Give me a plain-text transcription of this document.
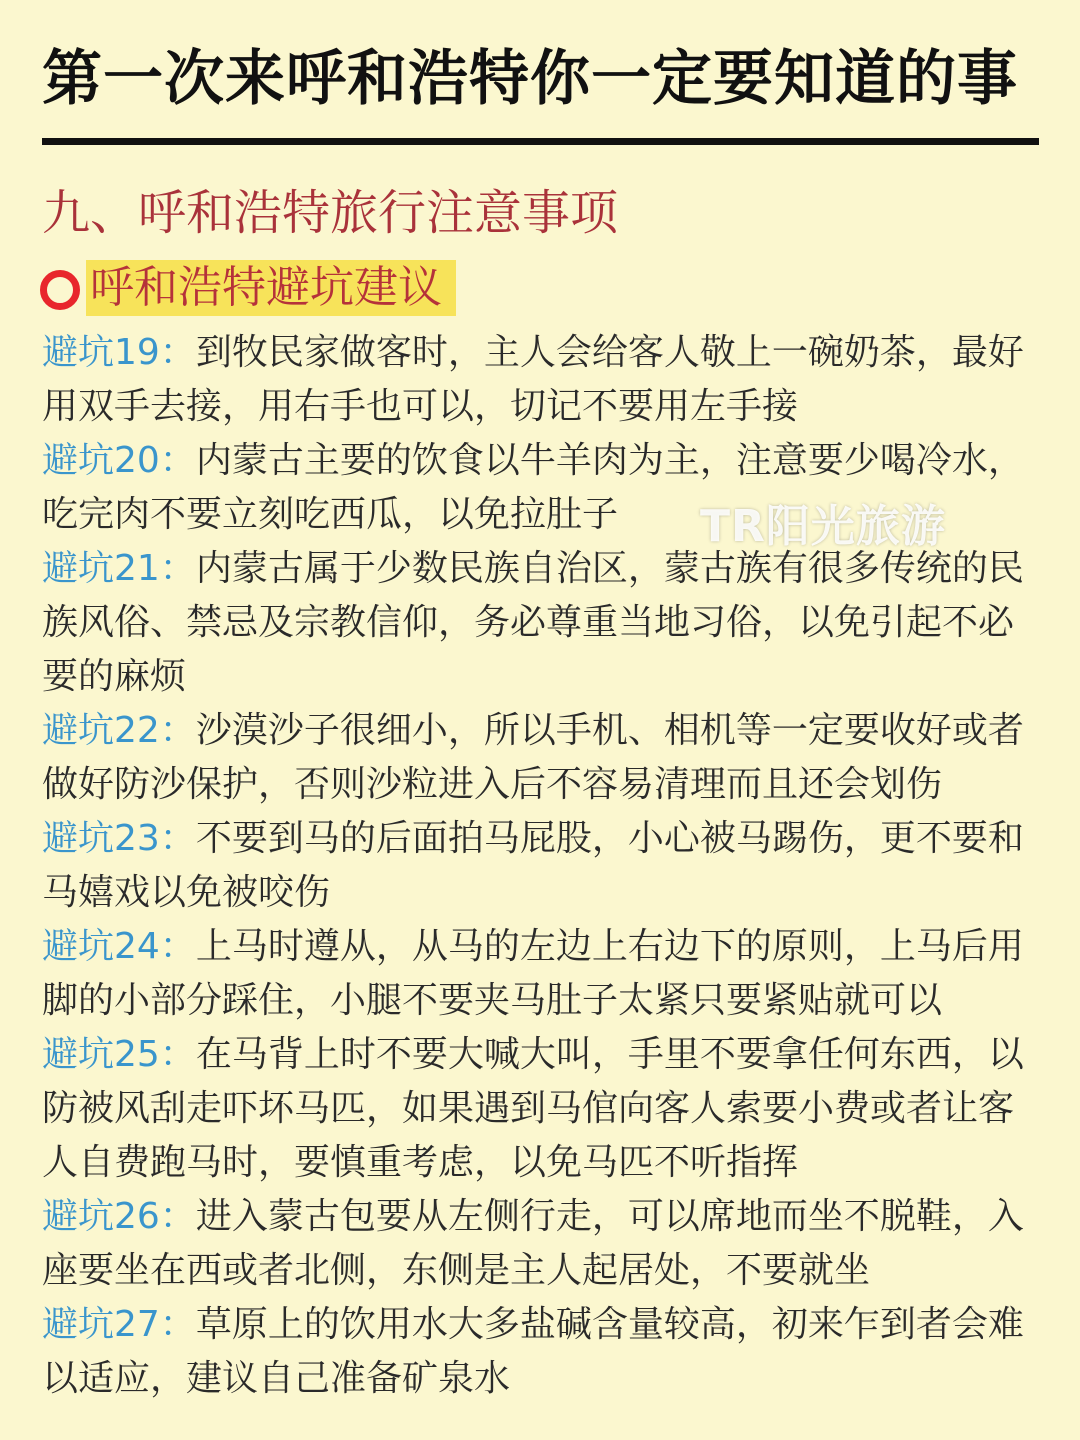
第一次来呼和浩特你一定要知道的事
九、呼和浩特旅行注意事项
呼和浩特避坑建议
避坑19：到牧民家做客时，主人会给客人敬上一碗奶茶，最好用双手去接，用右手也可以，切记不要用左手接
避坑20：内蒙古主要的饮食以牛羊肉为主，注意要少喝冷水，吃完肉不要立刻吃西瓜，以免拉肚子
避坑21：内蒙古属于少数民族自治区，蒙古族有很多传统的民族风俗、禁忌及宗教信仰，务必尊重当地习俗，以免引起不必要的麻烦
避坑22：沙漠沙子很细小，所以手机、相机等一定要收好或者做好防沙保护，否则沙粒进入后不容易清理而且还会划伤
避坑23：不要到马的后面拍马屁股，小心被马踢伤，更不要和马嬉戏以免被咬伤
避坑24：上马时遵从，从马的左边上右边下的原则，上马后用脚的小部分踩住，小腿不要夹马肚子太紧只要紧贴就可以
避坑25：在马背上时不要大喊大叫，手里不要拿任何东西，以防被风刮走吓坏马匹，如果遇到马倌向客人索要小费或者让客人自费跑马时，要慎重考虑，以免马匹不听指挥
避坑26：进入蒙古包要从左侧行走，可以席地而坐不脱鞋，入座要坐在西或者北侧，东侧是主人起居处，不要就坐
避坑27：草原上的饮用水大多盐碱含量较高，初来乍到者会难以适应，建议自己准备矿泉水
TR阳光旅游
